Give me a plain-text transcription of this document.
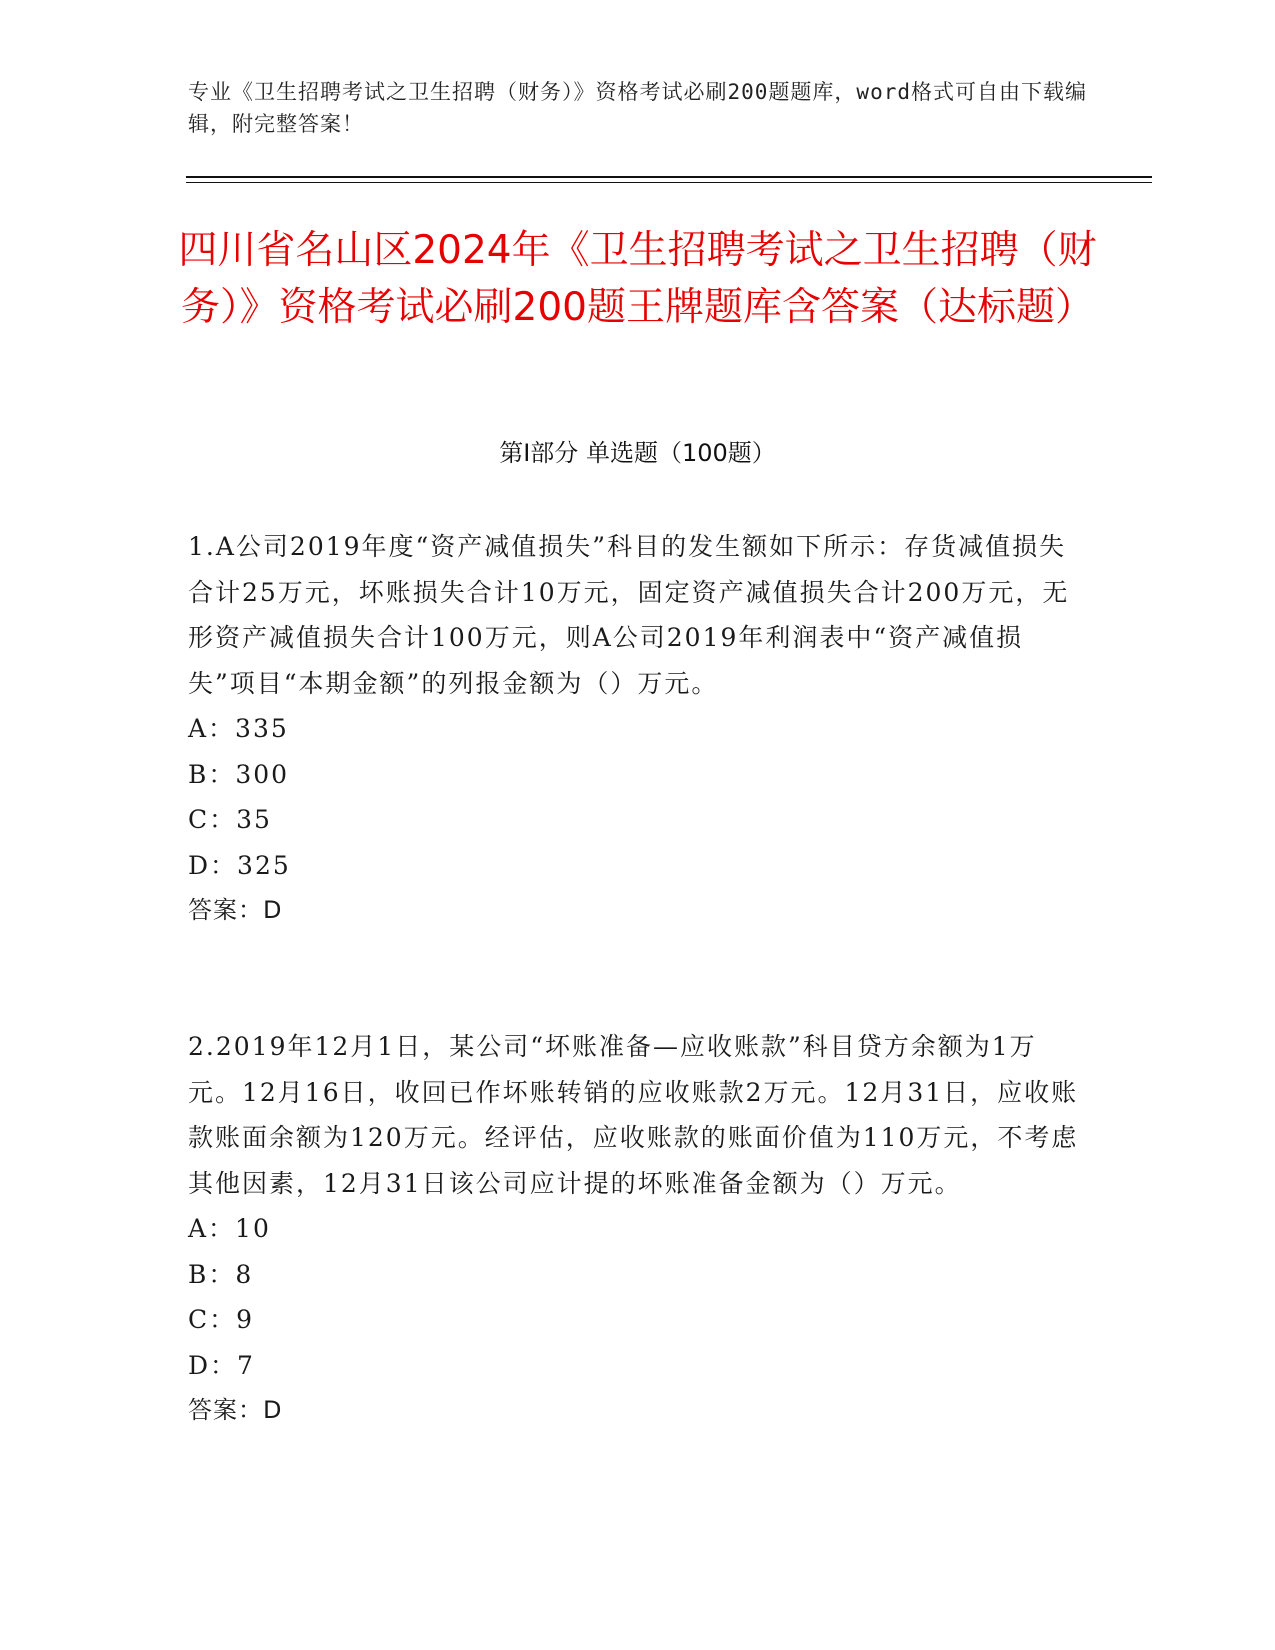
专业《卫生招聘考试之卫生招聘（财务）》资格考试必刷200题题库，word格式可自由下载编辑，附完整答案！
四川省名山区2024年《卫生招聘考试之卫生招聘（财务）》资格考试必刷200题王牌题库含答案（达标题）
第Ⅰ部分 单选题（100题）
1.A公司2019年度“资产减值损失”科目的发生额如下所示：存货减值损失合计25万元，坏账损失合计10万元，固定资产减值损失合计200万元，无形资产减值损失合计100万元，则A公司2019年利润表中“资产减值损失”项目“本期金额”的列报金额为（）万元。
A：335
B：300
C：35
D：325
答案：D
2.2019年12月1日，某公司“坏账准备—应收账款”科目贷方余额为1万元。12月16日，收回已作坏账转销的应收账款2万元。12月31日，应收账款账面余额为120万元。经评估，应收账款的账面价值为110万元，不考虑其他因素，12月31日该公司应计提的坏账准备金额为（）万元。
A：10
B：8
C：9
D：7
答案：D
